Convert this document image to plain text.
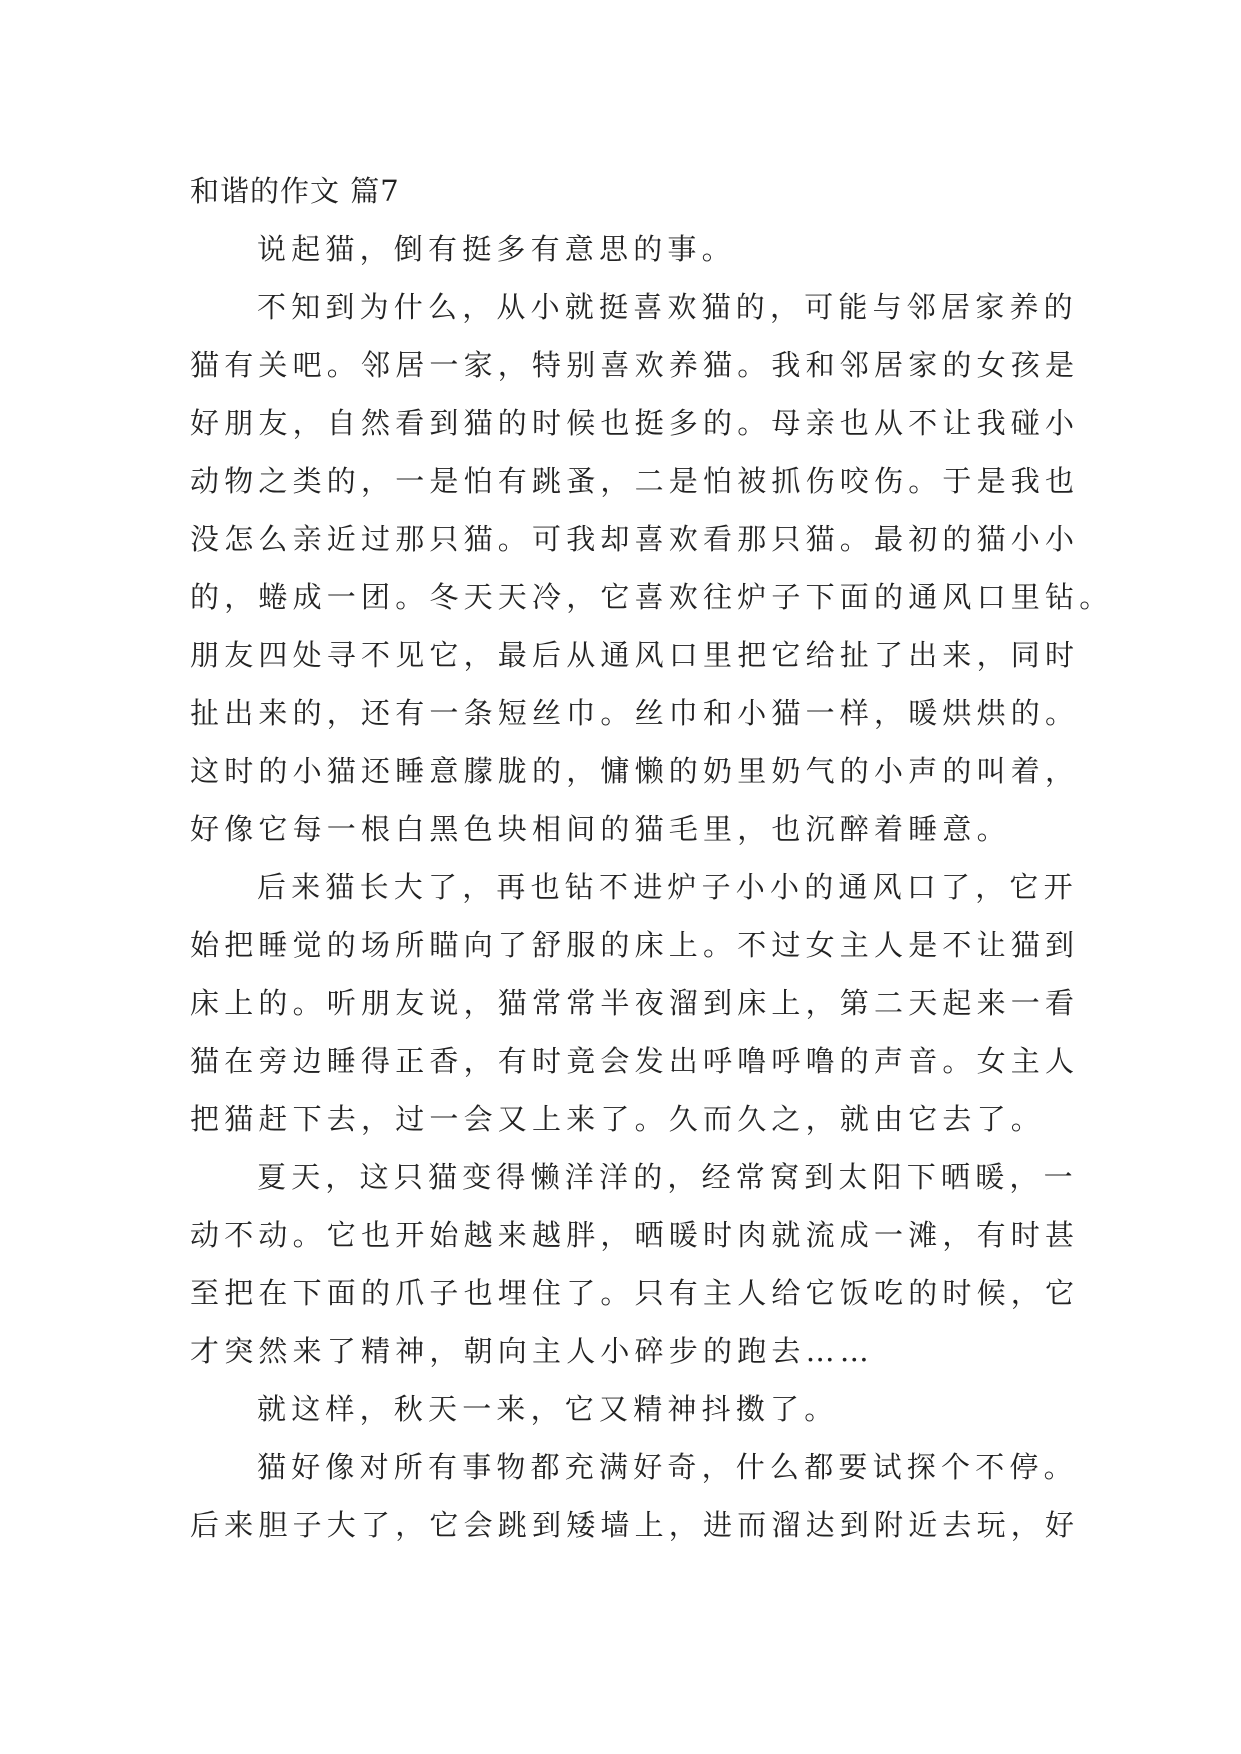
和谐的作文 篇7
说起猫，倒有挺多有意思的事。
不知到为什么，从小就挺喜欢猫的，可能与邻居家养的
猫有关吧。邻居一家，特别喜欢养猫。我和邻居家的女孩是
好朋友，自然看到猫的时候也挺多的。母亲也从不让我碰小
动物之类的，一是怕有跳蚤，二是怕被抓伤咬伤。于是我也
没怎么亲近过那只猫。可我却喜欢看那只猫。最初的猫小小
的，蜷成一团。冬天天冷，它喜欢往炉子下面的通风口里钻。
朋友四处寻不见它，最后从通风口里把它给扯了出来，同时
扯出来的，还有一条短丝巾。丝巾和小猫一样，暖烘烘的。
这时的小猫还睡意朦胧的，慵懒的奶里奶气的小声的叫着，
好像它每一根白黑色块相间的猫毛里，也沉醉着睡意。
后来猫长大了，再也钻不进炉子小小的通风口了，它开
始把睡觉的场所瞄向了舒服的床上。不过女主人是不让猫到
床上的。听朋友说，猫常常半夜溜到床上，第二天起来一看
猫在旁边睡得正香，有时竟会发出呼噜呼噜的声音。女主人
把猫赶下去，过一会又上来了。久而久之，就由它去了。
夏天，这只猫变得懒洋洋的，经常窝到太阳下晒暖，一
动不动。它也开始越来越胖，晒暖时肉就流成一滩，有时甚
至把在下面的爪子也埋住了。只有主人给它饭吃的时候，它
才突然来了精神，朝向主人小碎步的跑去……
就这样，秋天一来，它又精神抖擞了。
猫好像对所有事物都充满好奇，什么都要试探个不停。
后来胆子大了，它会跳到矮墙上，进而溜达到附近去玩，好
